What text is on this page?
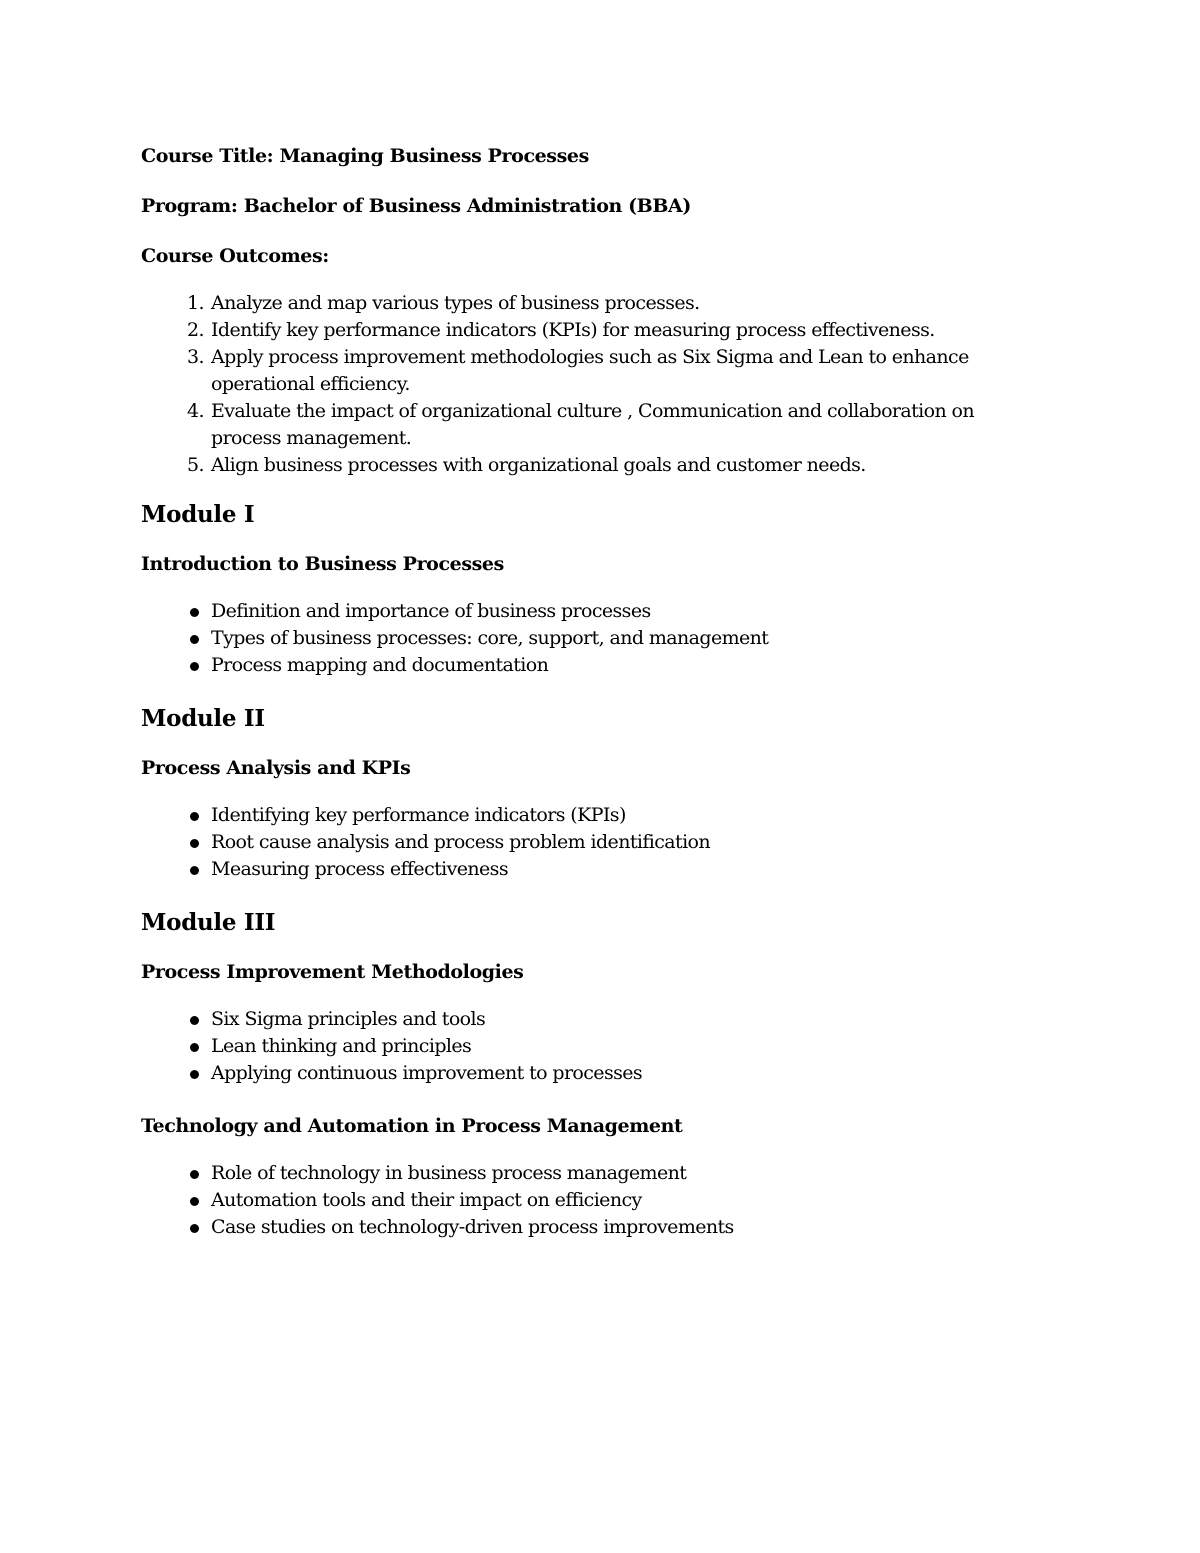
Course Title: Managing Business Processes

Program: Bachelor of Business Administration (BBA)

Course Outcomes:

1. Analyze and map various types of business processes.
2. Identify key performance indicators (KPIs) for measuring process effectiveness.
3. Apply process improvement methodologies such as Six Sigma and Lean to enhance operational efficiency.
4. Evaluate the impact of organizational culture , Communication and collaboration on process management.
5. Align business processes with organizational goals and customer needs.
Module I
Introduction to Business Processes
Definition and importance of business processes
Types of business processes: core, support, and management
Process mapping and documentation
Module II
Process Analysis and KPIs
Identifying key performance indicators (KPIs)
Root cause analysis and process problem identification
Measuring process effectiveness
Module III
Process Improvement Methodologies
Six Sigma principles and tools
Lean thinking and principles
Applying continuous improvement to processes
Technology and Automation in Process Management
Role of technology in business process management
Automation tools and their impact on efficiency
Case studies on technology-driven process improvements
